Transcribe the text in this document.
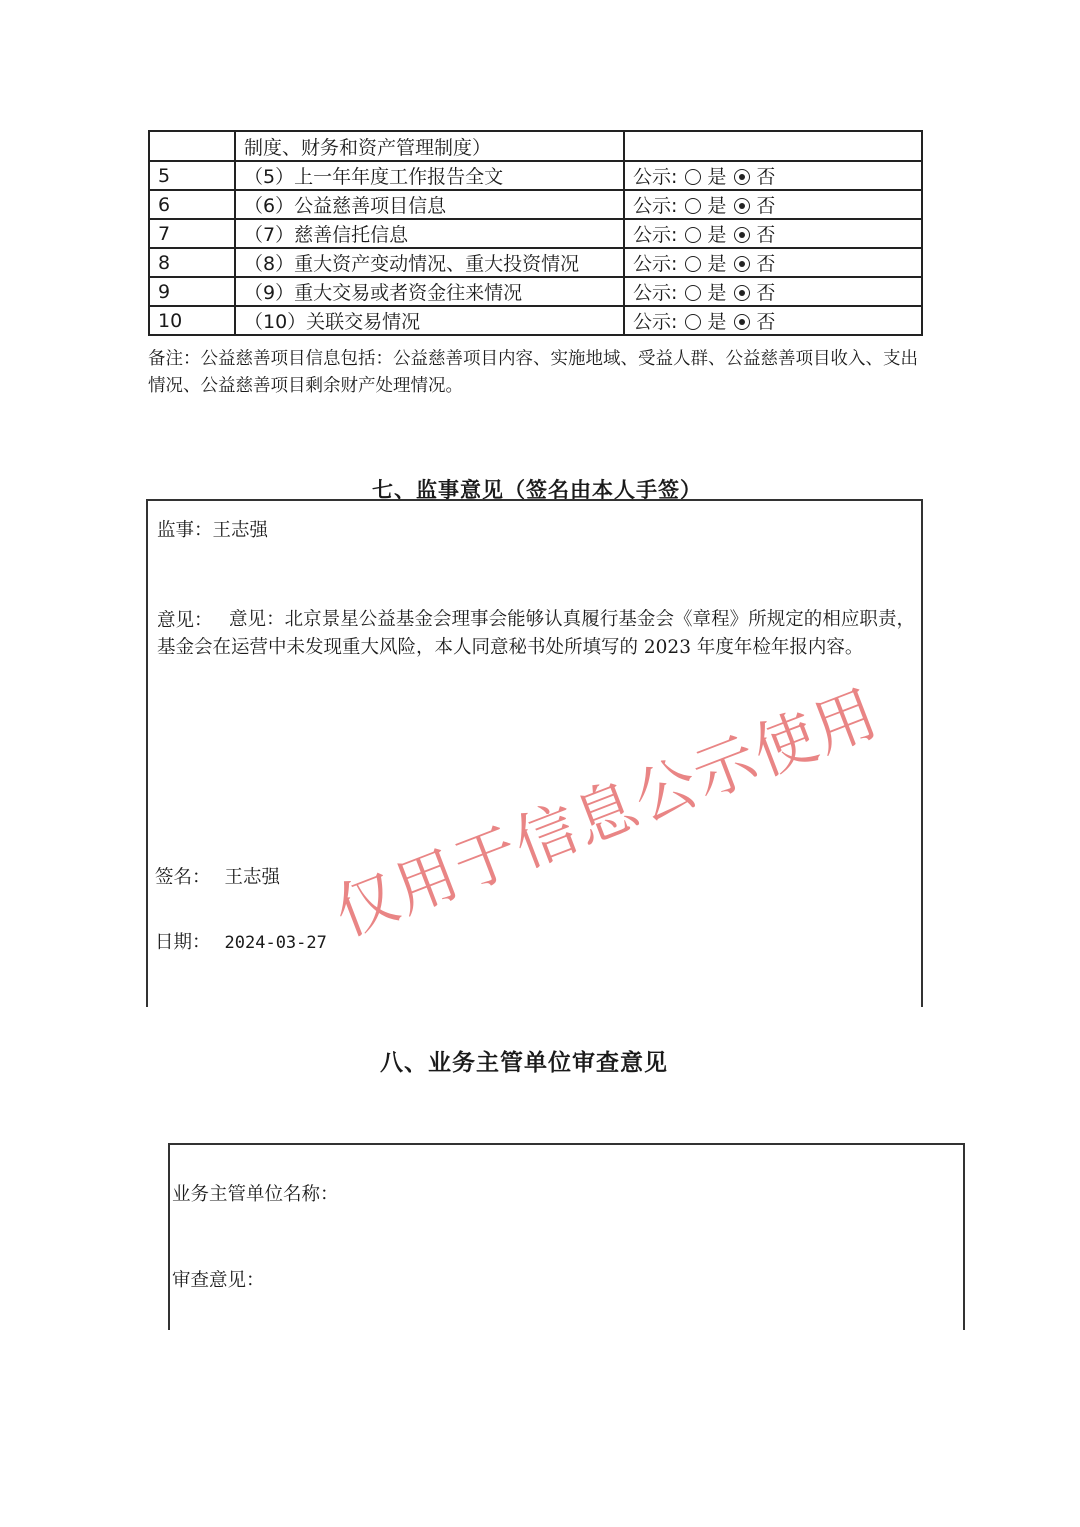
	制度、财务和资产管理制度）	
5	（5）上一年年度工作报告全文	公示: 是 否
6	（6）公益慈善项目信息	公示: 是 否
7	（7）慈善信托信息	公示: 是 否
8	（8）重大资产变动情况、重大投资情况	公示: 是 否
9	（9）重大交易或者资金往来情况	公示: 是 否
10	（10）关联交易情况	公示: 是 否
备注：公益慈善项目信息包括：公益慈善项目内容、实施地域、受益人群、公益慈善项目收入、支出情况、公益慈善项目剩余财产处理情况。
七、监事意见（签名由本人手签）
监事：王志强
意见： 意见：北京景星公益基金会理事会能够认真履行基金会《章程》所规定的相应职责，基金会在运营中未发现重大风险，本人同意秘书处所填写的 2023 年度年检年报内容。
签名： 王志强
日期： 2024-03-27
仅用于信息公示使用
八、业务主管单位审查意见
业务主管单位名称：
审查意见：
